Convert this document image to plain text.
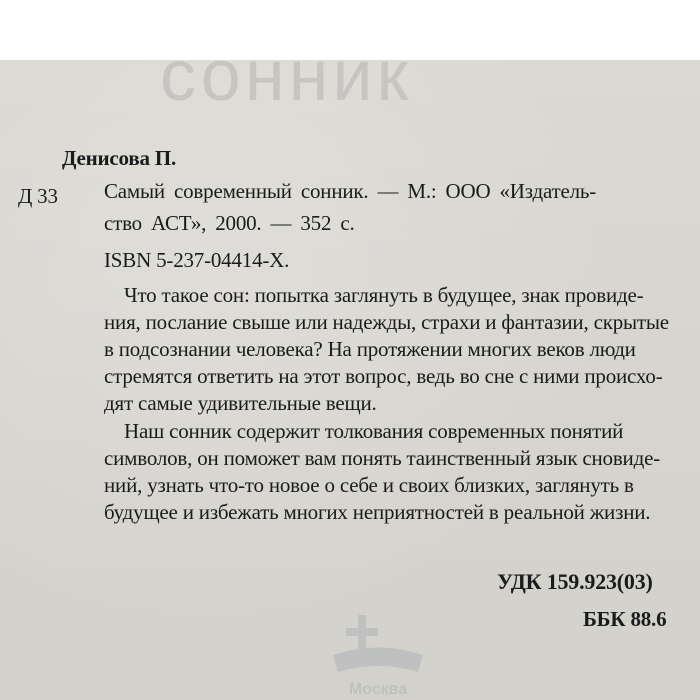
сонник
Денисова П.
Д 33 Самый современный сонник. — М.: ООО «Издатель-
ство АСТ», 2000. — 352 с.
ISBN 5-237-04414-X.
Что такое сон: попытка заглянуть в будущее, знак провиде-
ния, послание свыше или надежды, страхи и фантазии, скрытые
в подсознании человека? На протяжении многих веков люди
стремятся ответить на этот вопрос, ведь во сне с ними происхо-
дят самые удивительные вещи.
Наш сонник содержит толкования современных понятий
символов, он поможет вам понять таинственный язык сновиде-
ний, узнать что-то новое о себе и своих близких, заглянуть в
будущее и избежать многих неприятностей в реальной жизни.
УДК 159.923(03)
ББК 88.6
Москва
